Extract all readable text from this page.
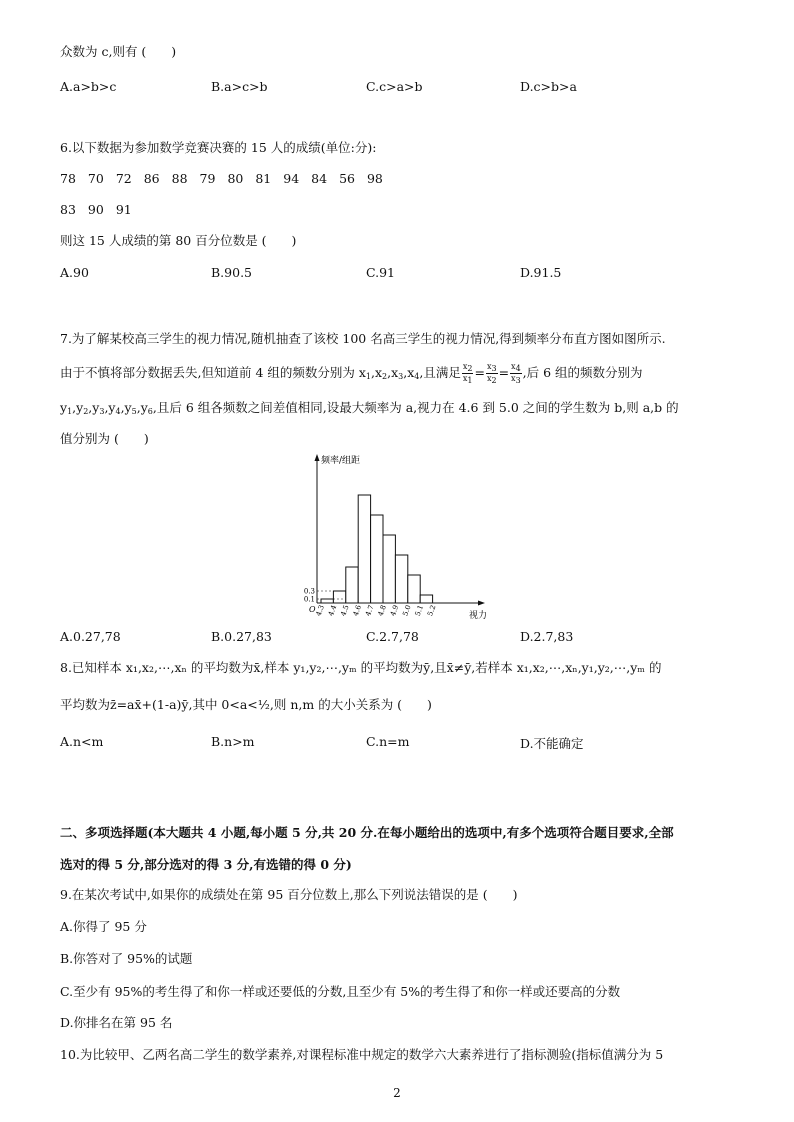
众数为 c,则有 (　　)
A.a>b>c	B.a>c>b	C.c>a>b	D.c>b>a
6.以下数据为参加数学竞赛决赛的 15 人的成绩(单位:分):
78 70 72 86 88 79 80 81 94 84 56 98
83 90 91
则这 15 人成绩的第 80 百分位数是 (　　)
A.90	B.90.5	C.91	D.91.5
7.为了解某校高三学生的视力情况,随机抽查了该校 100 名高三学生的视力情况,得到频率分布直方图如图所示.
由于不慎将部分数据丢失,但知道前 4 组的频数分别为 $x_1,x_2,x_3,x_4$,且满足 $\frac{x_2}{x_1} = \frac{x_3}{x_2} = \frac{x_4}{x_3}$ ,后 6 组的频数分别为
$y_1,y_2,y_3,y_4,y_5,y_6$,且后 6 组各频数之间差值相同,设最大频率为 a,视力在 4.6 到 5.0 之间的学生数为 b,则 a,b 的
值分别为 (　　)
频率/组距
视力
O
4.3 4.4 4.5 4.6 4.7 4.8 4.9 5.0 5.1 5.2
0.1
0.3
A.0.27,78	B.0.27,83	C.2.7,78	D.2.7,83
8.已知样本 x₁,x₂,⋯,xₙ 的平均数为x̄,样本 y₁,y₂,⋯,yₘ 的平均数为ȳ,且x̄≠ȳ,若样本 x₁,x₂,⋯,xₙ,y₁,y₂,⋯,yₘ 的
平均数为z̄=ax̄+(1-a)ȳ,其中 0<a<½,则 n,m 的大小关系为 (　　)
A.n<m	B.n>m	C.n=m	D.不能确定
二、多项选择题(本大题共 4 小题,每小题 5 分,共 20 分.在每小题给出的选项中,有多个选项符合题目要求,全部
选对的得 5 分,部分选对的得 3 分,有选错的得 0 分)
9.在某次考试中,如果你的成绩处在第 95 百分位数上,那么下列说法错误的是 (　　)
A.你得了 95 分
B.你答对了 95%的试题
C.至少有 95%的考生得了和你一样或还要低的分数,且至少有 5%的考生得了和你一样或还要高的分数
D.你排名在第 95 名
10.为比较甲、乙两名高二学生的数学素养,对课程标准中规定的数学六大素养进行了指标测验(指标值满分为 5
2
